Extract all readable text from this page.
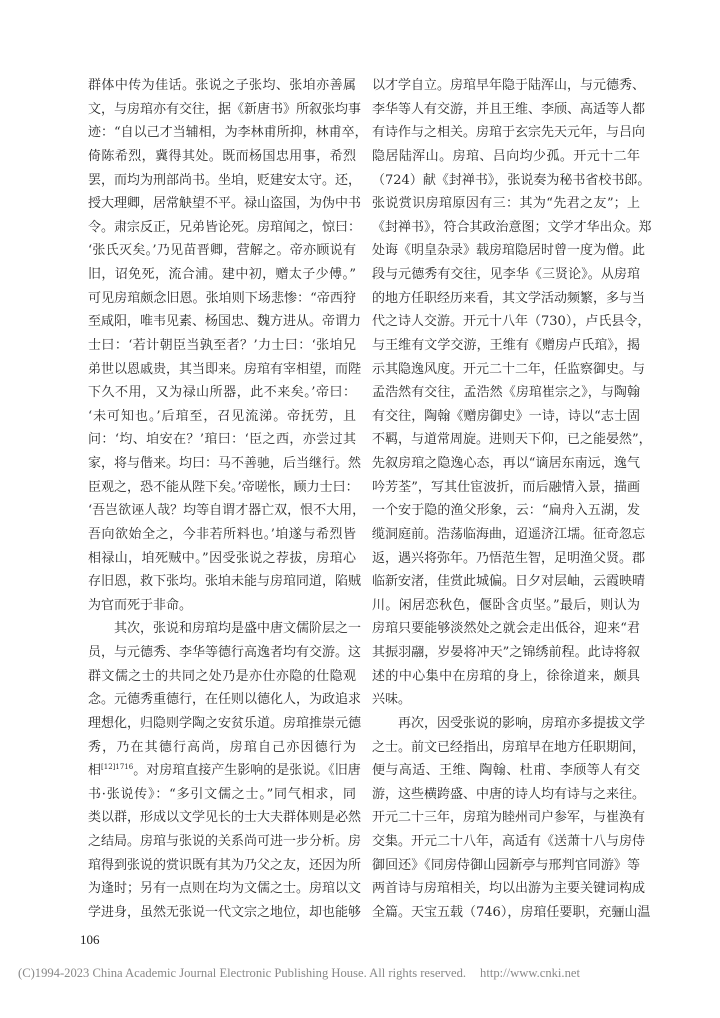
群体中传为佳话。张说之子张均、张垍亦善属
文，与房琯亦有交往，据《新唐书》所叙张均事
迹：“自以己才当辅相，为李林甫所抑，林甫卒，
倚陈希烈，冀得其处。既而杨国忠用事，希烈
罢，而均为刑部尚书。坐垍，贬建安太守。还，
授大理卿，居常觖望不平。禄山盗国，为伪中书
令。肃宗反正，兄弟皆论死。房琯闻之，惊曰：
‘张氏灭矣。’乃见苗晋卿，营解之。帝亦顾说有
旧，诏免死，流合浦。建中初，赠太子少傅。”
可见房琯颇念旧恩。张垍则下场悲惨：“帝西狩
至咸阳，唯韦见素、杨国忠、魏方进从。帝谓力
士曰：‘若计朝臣当孰至者？’力士曰：‘张垍兄
弟世以恩戚贵，其当即来。房琯有宰相望，而陛
下久不用，又为禄山所器，此不来矣。’帝曰：
‘未可知也。’后琯至，召见流涕。帝抚劳，且
问：‘均、垍安在？’琯曰：‘臣之西，亦尝过其
家，将与偕来。均曰：马不善驰，后当继行。然
臣观之，恐不能从陛下矣。’帝嗟怅，顾力士曰：
‘吾岂欲诬人哉？均等自谓才器亡双，恨不大用，
吾向欲始全之，今非若所料也。’垍遂与希烈皆
相禄山，垍死贼中。”因受张说之荐拔，房琯心
存旧恩，救下张均。张垍未能与房琯同道，陷贼
为官而死于非命。
其次，张说和房琯均是盛中唐文儒阶层之一
员，与元德秀、李华等德行高逸者均有交游。这
群文儒之士的共同之处乃是亦仕亦隐的仕隐观
念。元德秀重德行，在任则以德化人，为政追求
理想化，归隐则学陶之安贫乐道。房琯推崇元德
秀，乃在其德行高尚，房琯自己亦因德行为
相$^{[12]1716}$。对房琯直接产生影响的是张说。《旧唐
书·张说传》：“多引文儒之士。”同气相求，同
类以群，形成以文学见长的士大夫群体则是必然
之结局。房琯与张说的关系尚可进一步分析。房
琯得到张说的赏识既有其为乃父之友，还因为所
为逢时；另有一点则在均为文儒之士。房琯以文
学进身，虽然无张说一代文宗之地位，却也能够
以才学自立。房琯早年隐于陆浑山，与元德秀、
李华等人有交游，并且王维、李颀、高适等人都
有诗作与之相关。房琯于玄宗先天元年，与吕向
隐居陆浑山。房琯、吕向均少孤。开元十二年
（724）献《封禅书》，张说奏为秘书省校书郎。
张说赏识房琯原因有三：其为“先君之友”；上
《封禅书》，符合其政治意图；文学才华出众。郑
处诲《明皇杂录》载房琯隐居时曾一度为僧。此
段与元德秀有交往，见李华《三贤论》。从房琯
的地方任职经历来看，其文学活动频繁，多与当
代之诗人交游。开元十八年（730），卢氏县令，
与王维有文学交游，王维有《赠房卢氏琯》，揭
示其隐逸风度。开元二十二年，任监察御史。与
孟浩然有交往，孟浩然《房琯崔宗之》，与陶翰
有交往，陶翰《赠房御史》一诗，诗以“志士固
不羁，与道常周旋。进则天下仰，已之能晏然”，
先叙房琯之隐逸心态，再以“谪居东南远，逸气
吟芳荃”，写其仕宦波折，而后融情入景，描画
一个安于隐的渔父形象，云：“扁舟入五湖，发
缆洞庭前。浩荡临海曲，迢遥济江壖。征奇忽忘
返，遇兴将弥年。乃悟范生智，足明渔父贤。郡
临新安渚，佳赏此城偏。日夕对层岫，云霞映晴
川。闲居恋秋色，偃卧含贞坚。”最后，则认为
房琯只要能够淡然处之就会走出低谷，迎来“君
其振羽翮，岁晏将冲天”之锦绣前程。此诗将叙
述的中心集中在房琯的身上，徐徐道来，颇具
兴味。
再次，因受张说的影响，房琯亦多提拔文学
之士。前文已经指出，房琯早在地方任职期间，
便与高适、王维、陶翰、杜甫、李颀等人有交
游，这些横跨盛、中唐的诗人均有诗与之来往。
开元二十三年，房琯为睦州司户参军，与崔涣有
交集。开元二十八年，高适有《送萧十八与房侍
御回还》《同房侍御山园新亭与邢判官同游》等
两首诗与房琯相关，均以出游为主要关键词构成
全篇。天宝五载（746），房琯任要职，充骊山温
106
(C)1994-2023 China Academic Journal Electronic Publishing House. All rights reserved. http://www.cnki.net
